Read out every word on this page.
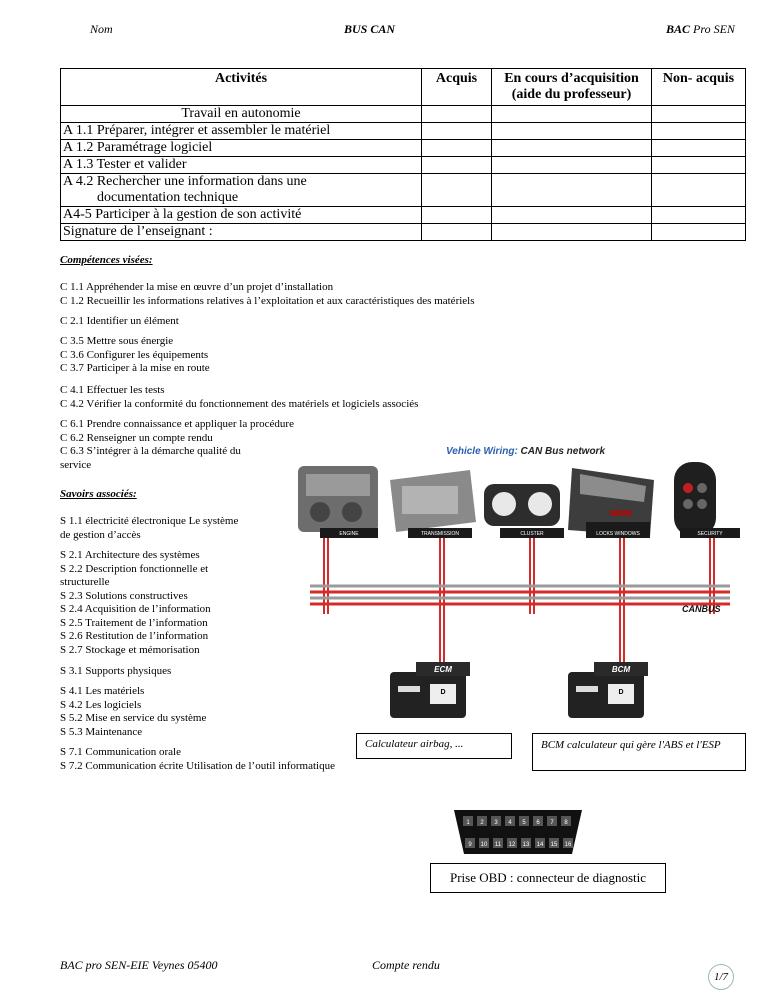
Nom	BUS CAN	BAC Pro SEN
Activités	Acquis	En cours d’acquisition (aide du professeur)	Non- acquis
Travail en autonomie			
A 1.1 Préparer, intégrer et assembler le matériel			
A 1.2 Paramétrage logiciel			
A 1.3 Tester et valider			

A 4.2 Rechercher une information dans une
documentation technique			

A4-5 Participer à la gestion de son activité			
Signature de l’enseignant :			
Compétences visées:
C 1.1 Appréhender la mise en œuvre d’un projet d’installation
C 1.2 Recueillir les informations relatives à l’exploitation et aux caractéristiques des matériels
C 2.1 Identifier un élément
C 3.5 Mettre sous énergie
C 3.6 Configurer les équipements
C 3.7 Participer à la mise en route
C 4.1 Effectuer les tests
C 4.2 Vérifier la conformité du fonctionnement des matériels et logiciels associés
C 6.1 Prendre connaissance et appliquer la procédure
C 6.2 Renseigner un compte rendu
C 6.3 S’intégrer à la démarche qualité du
service
Savoirs associés:
S 1.1 électricité électronique Le système
de gestion d’accès
S 2.1 Architecture des systèmes
S 2.2 Description fonctionnelle et
structurelle
S 2.3 Solutions constructives
S 2.4 Acquisition de l’information
S 2.5 Traitement de l’information
S 2.6 Restitution de l’information
S 2.7 Stockage et mémorisation
S 3.1 Supports physiques
S 4.1 Les matériels
S 4.2 Les logiciels
S 5.2 Mise en service du système
S 5.3 Maintenance
S 7.1 Communication orale
S 7.2 Communication écrite Utilisation de l’outil informatique
Vehicle Wiring: CAN Bus network
ENGINE	TRANSMISSION	CLUSTER	LOCKS WINDOWS	SECURITY
CANBUS
ECM
D
BCM
D
Calculateur airbag, ...	BCM calculateur qui gère l'ABS et l'ESP
1 2 3 4 5 6 7 8
9 10 11 12 13 14 15 16
Prise OBD : connecteur de diagnostic
BAC pro SEN-EIE Veynes 05400	Compte rendu
1/7
